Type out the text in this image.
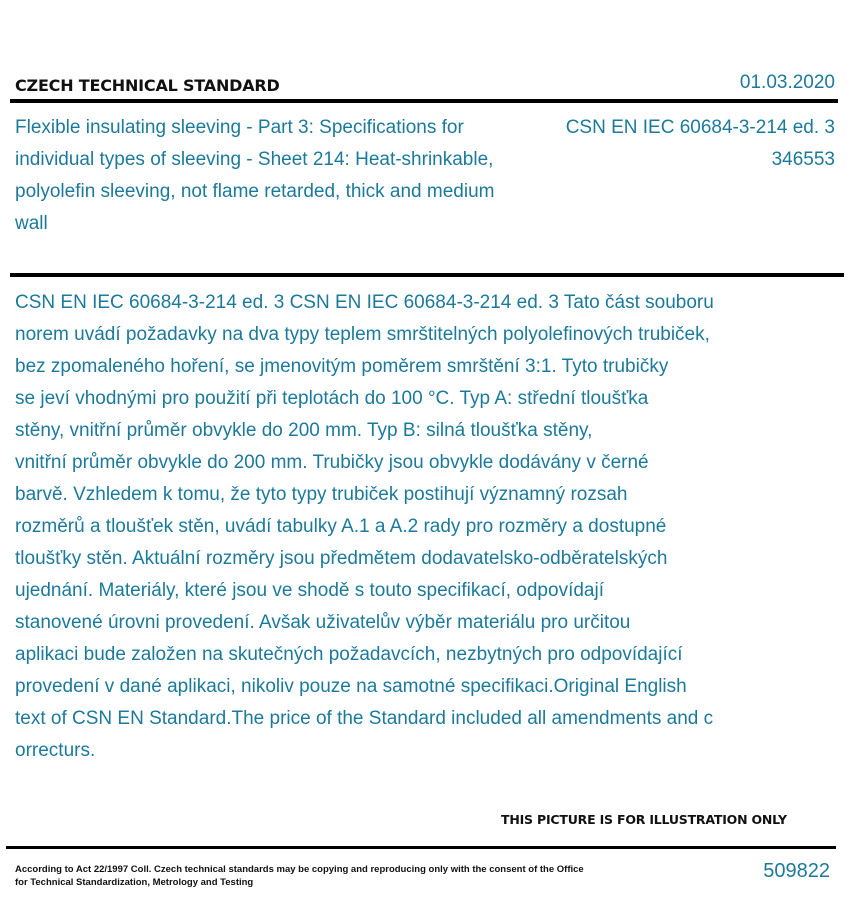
CZECH TECHNICAL STANDARD	01.03.2020
Flexible insulating sleeving - Part 3: Specifications for individual types of sleeving - Sheet 214: Heat-shrinkable, polyolefin sleeving, not flame retarded, thick and medium wall
CSN EN IEC 60684-3-214 ed. 3
346553

CSN EN IEC 60684-3-214 ed. 3 CSN EN IEC 60684-3-214 ed. 3 Tato část souboru
norem uvádí požadavky na dva typy teplem smrštitelných polyolefinových trubiček,
bez zpomaleného hoření, se jmenovitým poměrem smrštění 3:1. Tyto trubičky
se jeví vhodnými pro použití při teplotách do 100 °C. Typ A: střední tloušťka
stěny, vnitřní průměr obvykle do 200 mm. Typ B: silná tloušťka stěny,
vnitřní průměr obvykle do 200 mm. Trubičky jsou obvykle dodávány v černé
barvě. Vzhledem k tomu, že tyto typy trubiček postihují významný rozsah
rozměrů a tloušťek stěn, uvádí tabulky A.1 a A.2 rady pro rozměry a dostupné
tloušťky stěn. Aktuální rozměry jsou předmětem dodavatelsko-odběratelských
ujednání. Materiály, které jsou ve shodě s touto specifikací, odpovídají
stanovené úrovni provedení. Avšak uživatelův výběr materiálu pro určitou
aplikaci bude založen na skutečných požadavcích, nezbytných pro odpovídající
provedení v dané aplikaci, nikoliv pouze na samotné specifikaci.Original English
text of CSN EN Standard.The price of the Standard included all amendments and c
orrecturs.

THIS PICTURE IS FOR ILLUSTRATION ONLY

According to Act 22/1997 Coll. Czech technical standards may be copying and reproducing only with the consent of the Office for Technical Standardization, Metrology and Testing	509822
